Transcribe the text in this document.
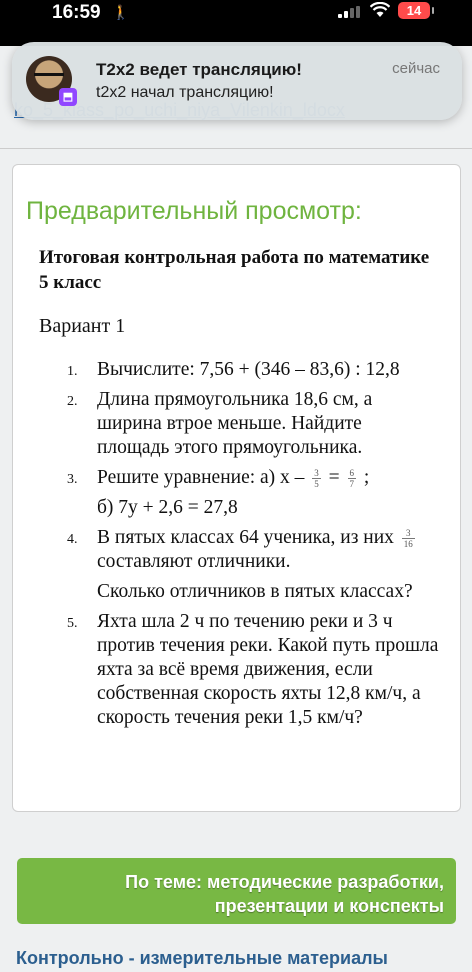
16:59 🚶	14
⬒
T2x2 ведет трансляцию!
t2x2 начал трансляцию!
сейчас
Предварительный просмотр:
Итоговая контрольная работа по математике 5 класс
Вариант 1
1. Вычислите: 7,56 + (346 – 83,6) : 12,8
2. Длина прямоугольника 18,6 см, а ширина втрое меньше. Найдите площадь этого прямоугольника.
3. Решите уравнение: а) $х - \frac{3}{5} = \frac{6}{7}$ ;
б) 7у + 2,6 = 27,8
4. В пятых классах 64 ученика, из них $\frac{3}{16}$
составляют отличники.
Сколько отличников в пятых классах?
5. Яхта шла 2 ч по течению реки и 3 ч против течения реки. Какой путь прошла яхта за всё время движения, если собственная скорость яхты 12,8 км/ч, а скорость течения реки 1,5 км/ч?
По теме: методические разработки,
презентации и конспекты
Контрольно - измерительные материалы
